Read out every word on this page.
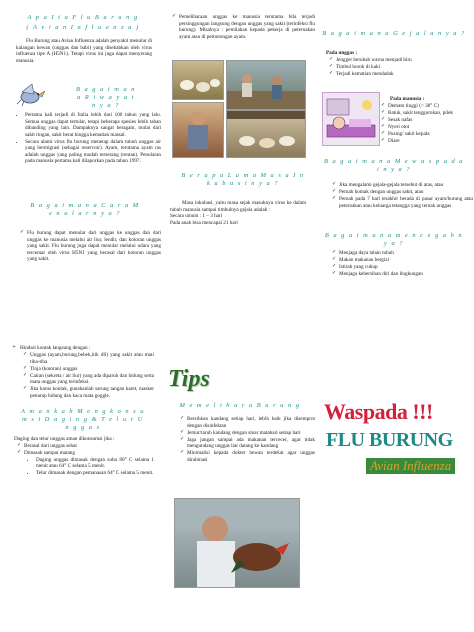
A p a I t u F l u B u r u n g
( A v i a n I n f l u e n z a )

Flu Burung atau Avian Influenza adalah penyakit menular di kalangan hewan (unggas dan babi) yang disebabkan oleh virus influenza tipe A (H5N1). Tetapi virus ini juga dapat menyerang manusia.

B a g a i m a n a R i w a y a t n y a ?
• Pertama kali terjadi di Italia lebih dari 100 tahun yang lalu. Semua unggas dapat tertular, tetapi beberapa spesies lebih tahan dibanding yang lain. Dampaknya sangat beragam, mulai dari sakit ringan, sakit berat hingga kematian massal.
• Secara alami virus flu burung menetap dalam tubuh unggas air yang bermigrasi (sebagai reservoir). Ayam, terutama ayam ras adalah unggas yang paling mudah terserang (rentan). Penularan pada manusia pertama kali dilaporkan pada tahun 1997.
B a g a i m a n a C a r a M e n u l a r n y a ?
✓ Flu burung dapat menular dari unggas ke unggas dan dari unggas ke manusia melalui air liur, lendir, dan kotoran unggas yang sakit. Flu burung juga dapat menular melalui udara yang tercemar oleh virus H5N1 yang berasal dari kotoran unggas yang sakit.
➢ Hindari kontak langsung dengan :
✓ Unggas (ayam,burung,bebek,itik dll) yang sakit atau mati tiba-tiba
✓ Tinja (kotoran) unggas
✓ Cairan (sekreta / air liur) yang ada diparuh dan hidung serta mata unggas yang terinfeksi.
✓ Jika harus kontak, gunakanlah sarung tangan karet, masker penutup hidung dan kaca mata goggle.
A m a n k a h M e n g k o n s u m s i D a g i n g & T e l u r U n g g a s
Daging dan telur unggas aman dikonsumsi jika :
✓ Berasal dari unggas sehat
✓ Dimasak sampai matang
• Daging unggas dimasak dengan suhu 80° C selama 1 menit atau 64° C selama 5 menit.
• Telur dimasak dengan pemanasan 64° C selama 5 menit.
✓ Pemeliharaan unggas ke manusia terutama bila terjadi persinggungan langsung dengan unggas yang sakit (terinfeksi flu burung). Misalnya : pemilahan kepada pekerja di peternakan ayam atau di pemotongan ayam.
B e r a p a L a m a M a s a I n k u b a s i n y a ?

Masa inkubasi, yaitu masa sejak masuknya virus ke dalam tubuh manusia sampai timbulnya gejala adalah :

Secara umum : 1 – 3 hari
Pada anak bisa mencapai 21 hari
Tips
M e m e l i h a r a B u r u n g
✓ Bersihkan kandang setiap hari, lebih baik jika disemprot dengan disinfektan
✓ Jemur/taruh kandang dengan sinar matahari setiap hari
✓ Jaga jangan sampai ada makanan tercecer, agar tidak mengundang unggas liar datang ke kandang
✓ Minimalisi kepada dokter hewan terdekat agar unggas dirabinasi
B a g a i m a n a G e j a l a n y a ?
Pada unggas :
✓ Jengger berubah warna menjadi biru
✓ Timbul borok di kaki
✓ Terjadi kematian mendadak
Pada manusia :
✓ Demam tinggi (> 38° C)
✓ Batuk, sakit tenggorokan, pilek
✓ Sesak nafas
✓ Nyeri otot
✓ Pusing/ sakit kepala
✓ Diare
B a g a i m a n a M e w a s p a d a i n y a ?
✓ Jika mengalami gejala-gejala tersebut di atas, atau
✓ Pernah kontak dengan unggas sakit, atau
✓ Pernah pada 7 hari terakhir berada di pasar ayam/burung atau peternakan atau keluarga tetangga yang ternak unggas
B a g a i m a n a m e n c e g a h n y a ?
✓ Menjaga daya tahan tubuh
✓ Makan makanan bergizi
✓ Istirah yang cukup
✓ Menjaga kebersihan diri dan lingkungan
Waspada !!!
FLU BURUNG
Avian Influenza
